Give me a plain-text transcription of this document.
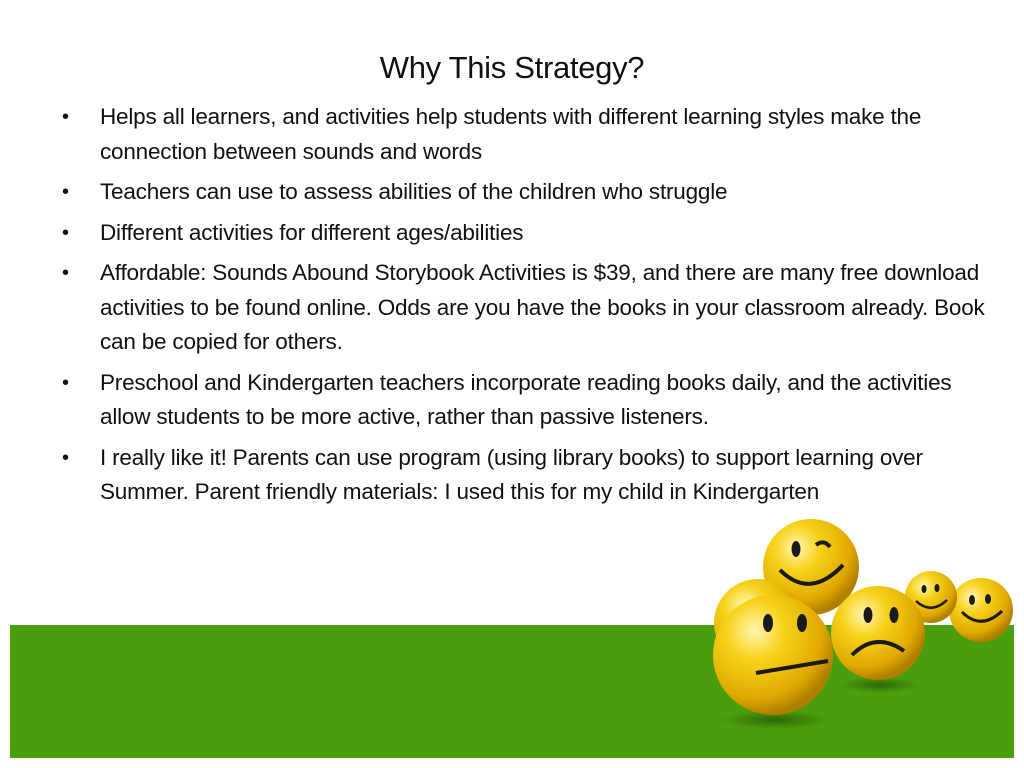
Why This Strategy?
•	Helps all learners, and activities help students with different learning styles make the connection between sounds and words
•	Teachers can use to assess abilities of the children who struggle
•	Different activities for different ages/abilities
•	Affordable: Sounds Abound Storybook Activities is $39, and there are many free download activities to be found online. Odds are you have the books in your classroom already. Book can be copied for others.
•	Preschool and Kindergarten teachers incorporate reading books daily, and the activities allow students to be more active, rather than passive listeners.
•	I really like it! Parents can use program (using library books) to support learning over Summer. Parent friendly materials: I used this for my child in Kindergarten
